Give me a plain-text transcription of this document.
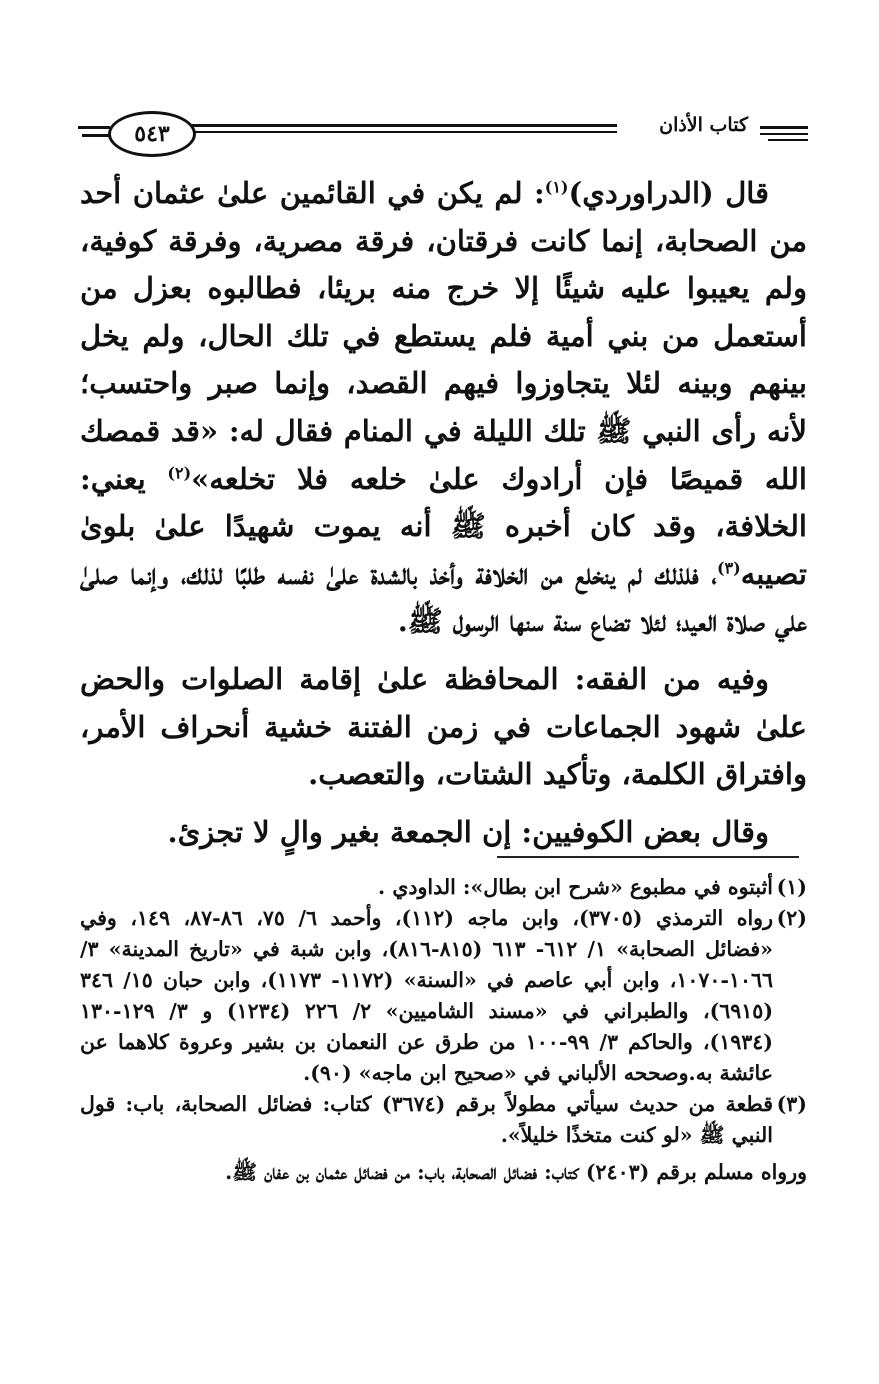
٥٤٣	كتاب الأذان

قال (الدراوردي)$^{(١)}$: لم يكن في القائمين علىٰ عثمان أحد من الصحابة، إنما كانت فرقتان، فرقة مصرية، وفرقة كوفية، ولم يعيبوا عليه شيئًا إلا خرج منه بريئا، فطالبوه بعزل من أستعمل من بني أمية فلم يستطع في تلك الحال، ولم يخل بينهم وبينه لئلا يتجاوزوا فيهم القصد، وإنما صبر واحتسب؛ لأنه رأى النبي ﷺ تلك الليلة في المنام فقال له: «قد قمصك الله قميصًا فإن أرادوك علىٰ خلعه فلا تخلعه»$^{(٢)}$ يعني: الخلافة، وقد كان أخبره ﷺ أنه يموت شهيدًا علىٰ بلوىٰ تصيبه$^{(٣)}$، فلذلك لم ينخلع من الخلافة وأخذ بالشدة علىٰ نفسه طلبًا لذلك، وإنما صلىٰ علي صلاة العيد؛ لئلا تضاع سنة سنها الرسول ﷺ.

وفيه من الفقه: المحافظة علىٰ إقامة الصلوات والحض علىٰ شهود الجماعات في زمن الفتنة خشية أنحراف الأمر، وافتراق الكلمة، وتأكيد الشتات، والتعصب.

وقال بعض الكوفيين: إن الجمعة بغير والٍ لا تجزئ.

(١)
أثبتوه في مطبوع «شرح ابن بطال»: الداودي .
(٢)
رواه الترمذي (٣٧٠٥)، وابن ماجه (١١٢)، وأحمد ٦/ ٧٥، ٨٦-٨٧، ١٤٩، وفي «فضائل الصحابة» ١/ ٦١٢- ٦١٣ (٨١٥-٨١٦)، وابن شبة في «تاريخ المدينة» ٣/ ١٠٦٦-١٠٧٠، وابن أبي عاصم في «السنة» (١١٧٢- ١١٧٣)، وابن حبان ١٥/ ٣٤٦ (٦٩١٥)، والطبراني في «مسند الشاميين» ٢/ ٢٢٦ (١٢٣٤) و ٣/ ١٢٩-١٣٠ (١٩٣٤)، والحاكم ٣/ ٩٩-١٠٠ من طرق عن النعمان بن بشير وعروة كلاهما عن عائشة به.وصححه الألباني في «صحيح ابن ماجه» (٩٠).
(٣)
قطعة من حديث سيأتي مطولاً برقم (٣٦٧٤) كتاب: فضائل الصحابة، باب: قول النبي ﷺ «لو كنت متخذًا خليلاً».
ورواه مسلم برقم (٢٤٠٣) كتاب: فضائل الصحابة، باب: من فضائل عثمان بن عفان ﷺ.
